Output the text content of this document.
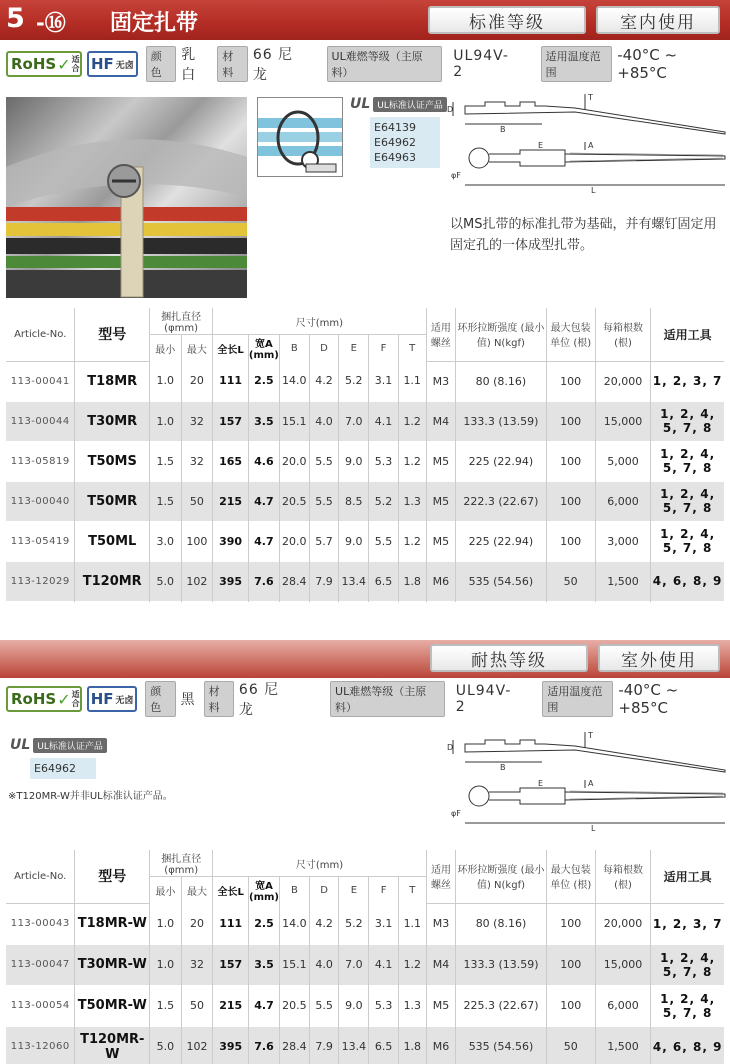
5 -⑯ 固定扎带	标准等级	室内使用
RoHS ✓ 适合 HF 无卤
颜色
乳白
材料
66 尼龙
UL难燃等级（主原料）
UL94V-2
适用温度范围
-40°C ~ +85°C
UL UL标准认证产品
E64139
E64962
E64963
D
T
B
E	A
φF
L
以MS扎带的标准扎带为基础，并有螺钉固定用固定孔的一体成型扎带。
Article-No.	型号	捆扎直径(φmm)		尺寸(mm)							适用螺丝	环形拉断强度 (最小值) N(kgf)	最大包装单位 (根)	每箱根数 (根)	适用工具
		最小	最大	全长L	宽A (mm)	B	D	E	F	T					
113-00041	T18MR	1.0	20	111	2.5	14.0	4.2	5.2	3.1	1.1	M3	80 (8.16)	100	20,000	1, 2, 3, 7
113-00044	T30MR	1.0	32	157	3.5	15.1	4.0	7.0	4.1	1.2	M4	133.3 (13.59)	100	15,000	1, 2, 4, 5, 7, 8
113-05819	T50MS	1.5	32	165	4.6	20.0	5.5	9.0	5.3	1.2	M5	225 (22.94)	100	5,000	1, 2, 4, 5, 7, 8
113-00040	T50MR	1.5	50	215	4.7	20.5	5.5	8.5	5.2	1.3	M5	222.3 (22.67)	100	6,000	1, 2, 4, 5, 7, 8
113-05419	T50ML	3.0	100	390	4.7	20.0	5.7	9.0	5.5	1.2	M5	225 (22.94)	100	3,000	1, 2, 4, 5, 7, 8
113-12029	T120MR	5.0	102	395	7.6	28.4	7.9	13.4	6.5	1.8	M6	535 (54.56)	50	1,500	4, 6, 8, 9
耐热等级	室外使用
RoHS ✓ 适合 HF 无卤
颜色	黑
材料
66 尼龙
UL难燃等级（主原料）
UL94V-2
适用温度范围
-40°C ~ +85°C
UL UL标准认证产品
E64962
※T120MR-W并非UL标准认证产品。
D
T
B
E	A
φF
L
Article-No.	型号	捆扎直径(φmm)		尺寸(mm)							适用螺丝	环形拉断强度 (最小值) N(kgf)	最大包装单位 (根)	每箱根数 (根)	适用工具
		最小	最大	全长L	宽A (mm)	B	D	E	F	T					
113-00043	T18MR-W	1.0	20	111	2.5	14.0	4.2	5.2	3.1	1.1	M3	80 (8.16)	100	20,000	1, 2, 3, 7
113-00047	T30MR-W	1.0	32	157	3.5	15.1	4.0	7.0	4.1	1.2	M4	133.3 (13.59)	100	15,000	1, 2, 4, 5, 7, 8
113-00054	T50MR-W	1.5	50	215	4.7	20.5	5.5	9.0	5.3	1.3	M5	225.3 (22.67)	100	6,000	1, 2, 4, 5, 7, 8
113-12060	T120MR-W	5.0	102	395	7.6	28.4	7.9	13.4	6.5	1.8	M6	535 (54.56)	50	1,500	4, 6, 8, 9
